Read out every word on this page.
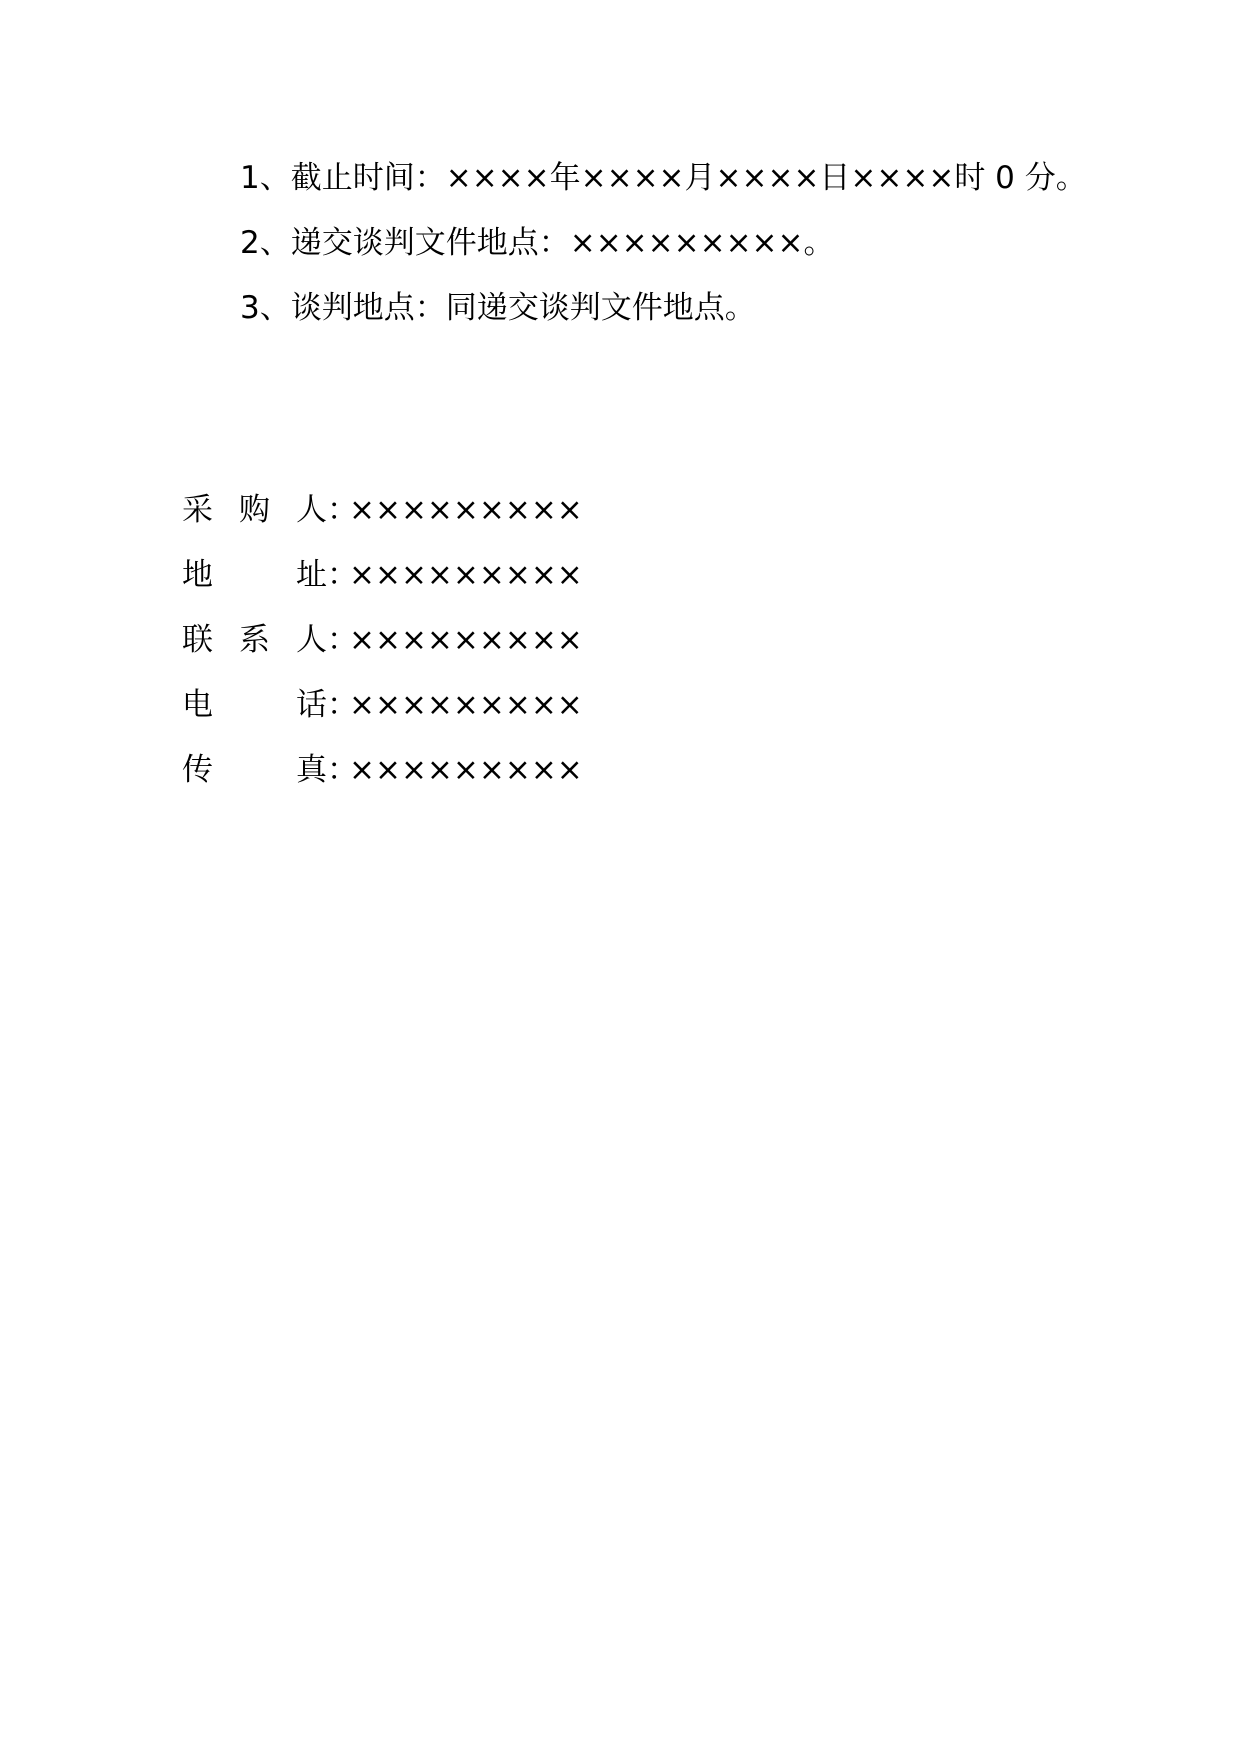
1、截止时间：××××年××××月××××日××××时 0 分。
2、递交谈判文件地点：×××××××××。
3、谈判地点：同递交谈判文件地点。
采购人 ：
×××××××××
地址 ：
×××××××××
联系人 ：
×××××××××
电话 ：
×××××××××
传真 ：
×××××××××
